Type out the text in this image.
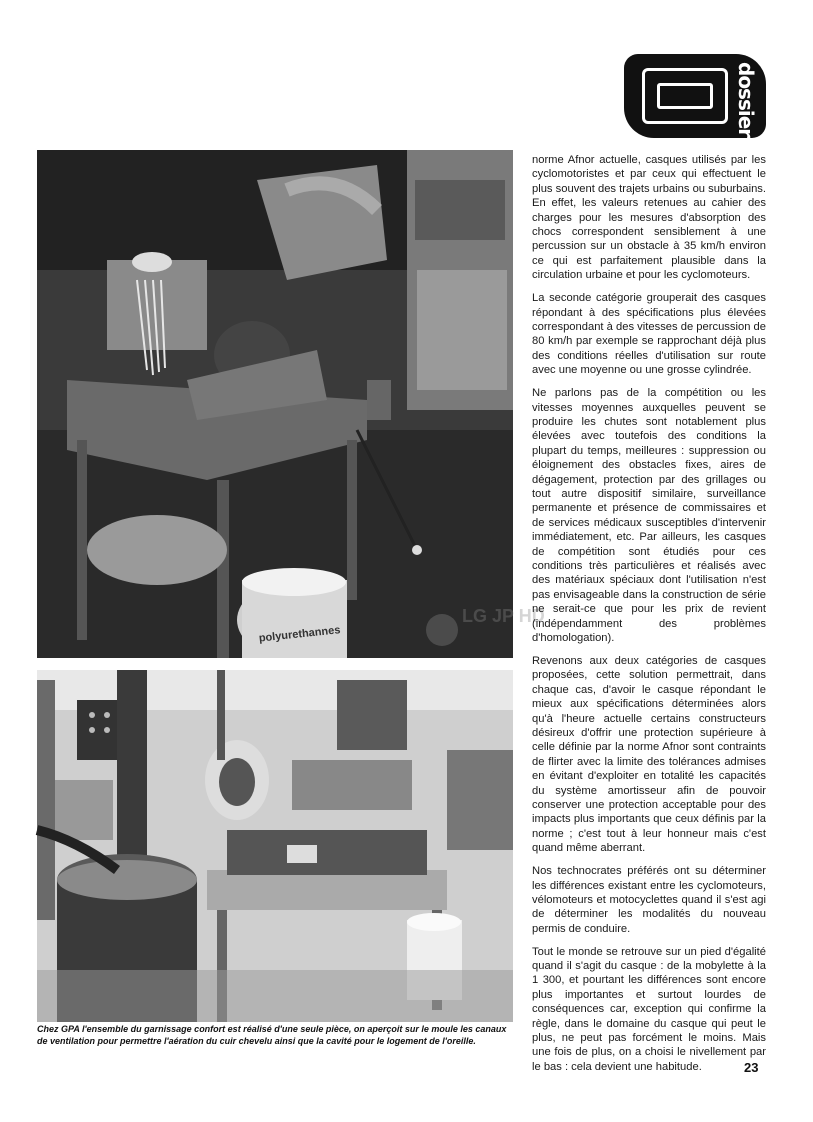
dossier
polyurethannes
LG JP HD
Chez GPA l'ensemble du garnissage confort est réalisé d'une seule pièce, on aperçoit sur le moule les canaux de ventilation pour permettre l'aération du cuir chevelu ainsi que la cavité pour le logement de l'oreille.

norme Afnor actuelle, casques utilisés par les cyclomotoristes et par ceux qui effectuent le plus souvent des trajets urbains ou suburbains. En effet, les valeurs retenues au cahier des charges pour les mesures d'absorption des chocs correspondent sensiblement à une percussion sur un obstacle à 35 km/h environ ce qui est parfaitement plausible dans la circulation urbaine et pour les cyclomoteurs.

La seconde catégorie grouperait des casques répondant à des spécifications plus élevées correspondant à des vitesses de percussion de 80 km/h par exemple se rapprochant déjà plus des conditions réelles d'utilisation sur route avec une moyenne ou une grosse cylindrée.

Ne parlons pas de la compétition ou les vitesses moyennes auxquelles peuvent se produire les chutes sont notablement plus élevées avec toutefois des conditions la plupart du temps, meilleures : suppression ou éloignement des obstacles fixes, aires de dégagement, protection par des grillages ou tout autre dispositif similaire, surveillance permanente et présence de commissaires et de services médicaux susceptibles d'intervenir immédiatement, etc. Par ailleurs, les casques de compétition sont étudiés pour ces conditions très particulières et réalisés avec des matériaux spéciaux dont l'utilisation n'est pas envisageable dans la construction de série ne serait-ce que pour les prix de revient (indépendamment des problèmes d'homologation).

Revenons aux deux catégories de casques proposées, cette solution permettrait, dans chaque cas, d'avoir le casque répondant le mieux aux spécifications déterminées alors qu'à l'heure actuelle certains constructeurs désireux d'offrir une protection supérieure à celle définie par la norme Afnor sont contraints de flirter avec la limite des tolérances admises en évitant d'exploiter en totalité les capacités du système amortisseur afin de pouvoir conserver une protection acceptable pour des impacts plus importants que ceux définis par la norme ; c'est tout à leur honneur mais c'est quand même aberrant.

Nos technocrates préférés ont su déterminer les différences existant entre les cyclomoteurs, vélomoteurs et motocyclettes quand il s'est agi de déterminer les modalités du nouveau permis de conduire.

Tout le monde se retrouve sur un pied d'égalité quand il s'agit du casque : de la mobylette à la 1 300, et pourtant les différences sont encore plus importantes et surtout lourdes de conséquences car, exception qui confirme la règle, dans le domaine du casque qui peut le plus, ne peut pas forcément le moins. Mais une fois de plus, on a choisi le nivellement par le bas : cela devient une habitude.	23
